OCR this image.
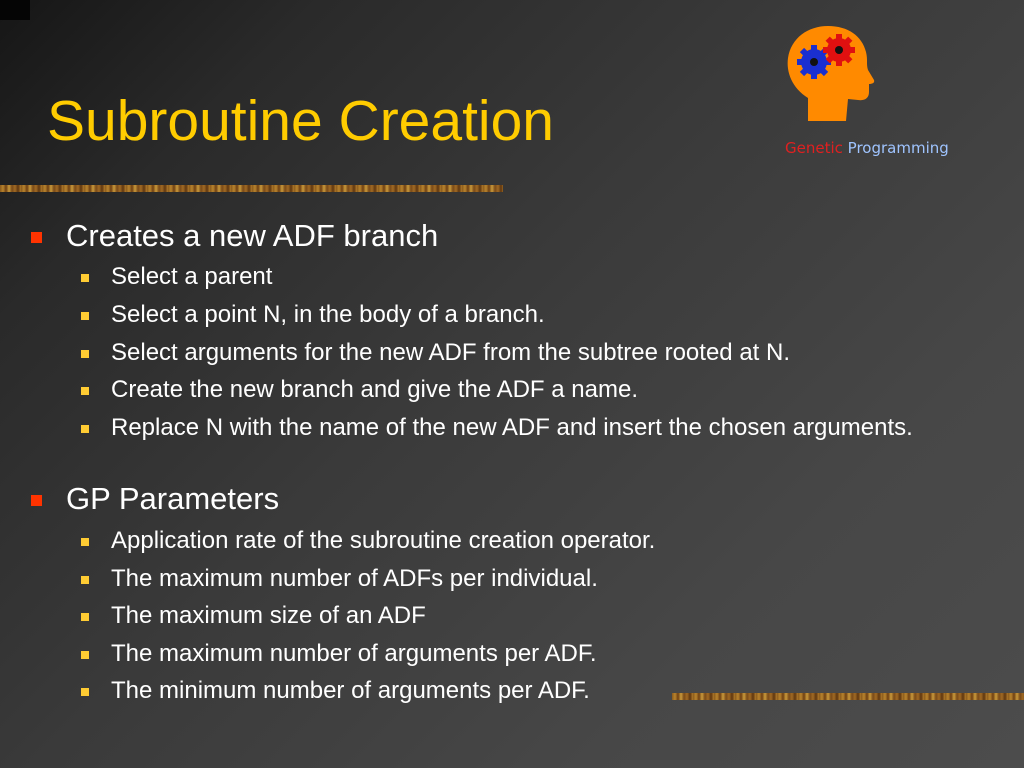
Subroutine Creation	Genetic Programming
Creates a new ADF branch
Select a parent
Select a point N, in the body of a branch.
Select arguments for the new ADF from the subtree rooted at N.
Create the new branch and give the ADF a name.
Replace N with the name of the new ADF and insert the chosen arguments.
GP Parameters
Application rate of the subroutine creation operator.
The maximum number of ADFs per individual.
The maximum size of an ADF
The maximum number of arguments per ADF.
The minimum number of arguments per ADF.
